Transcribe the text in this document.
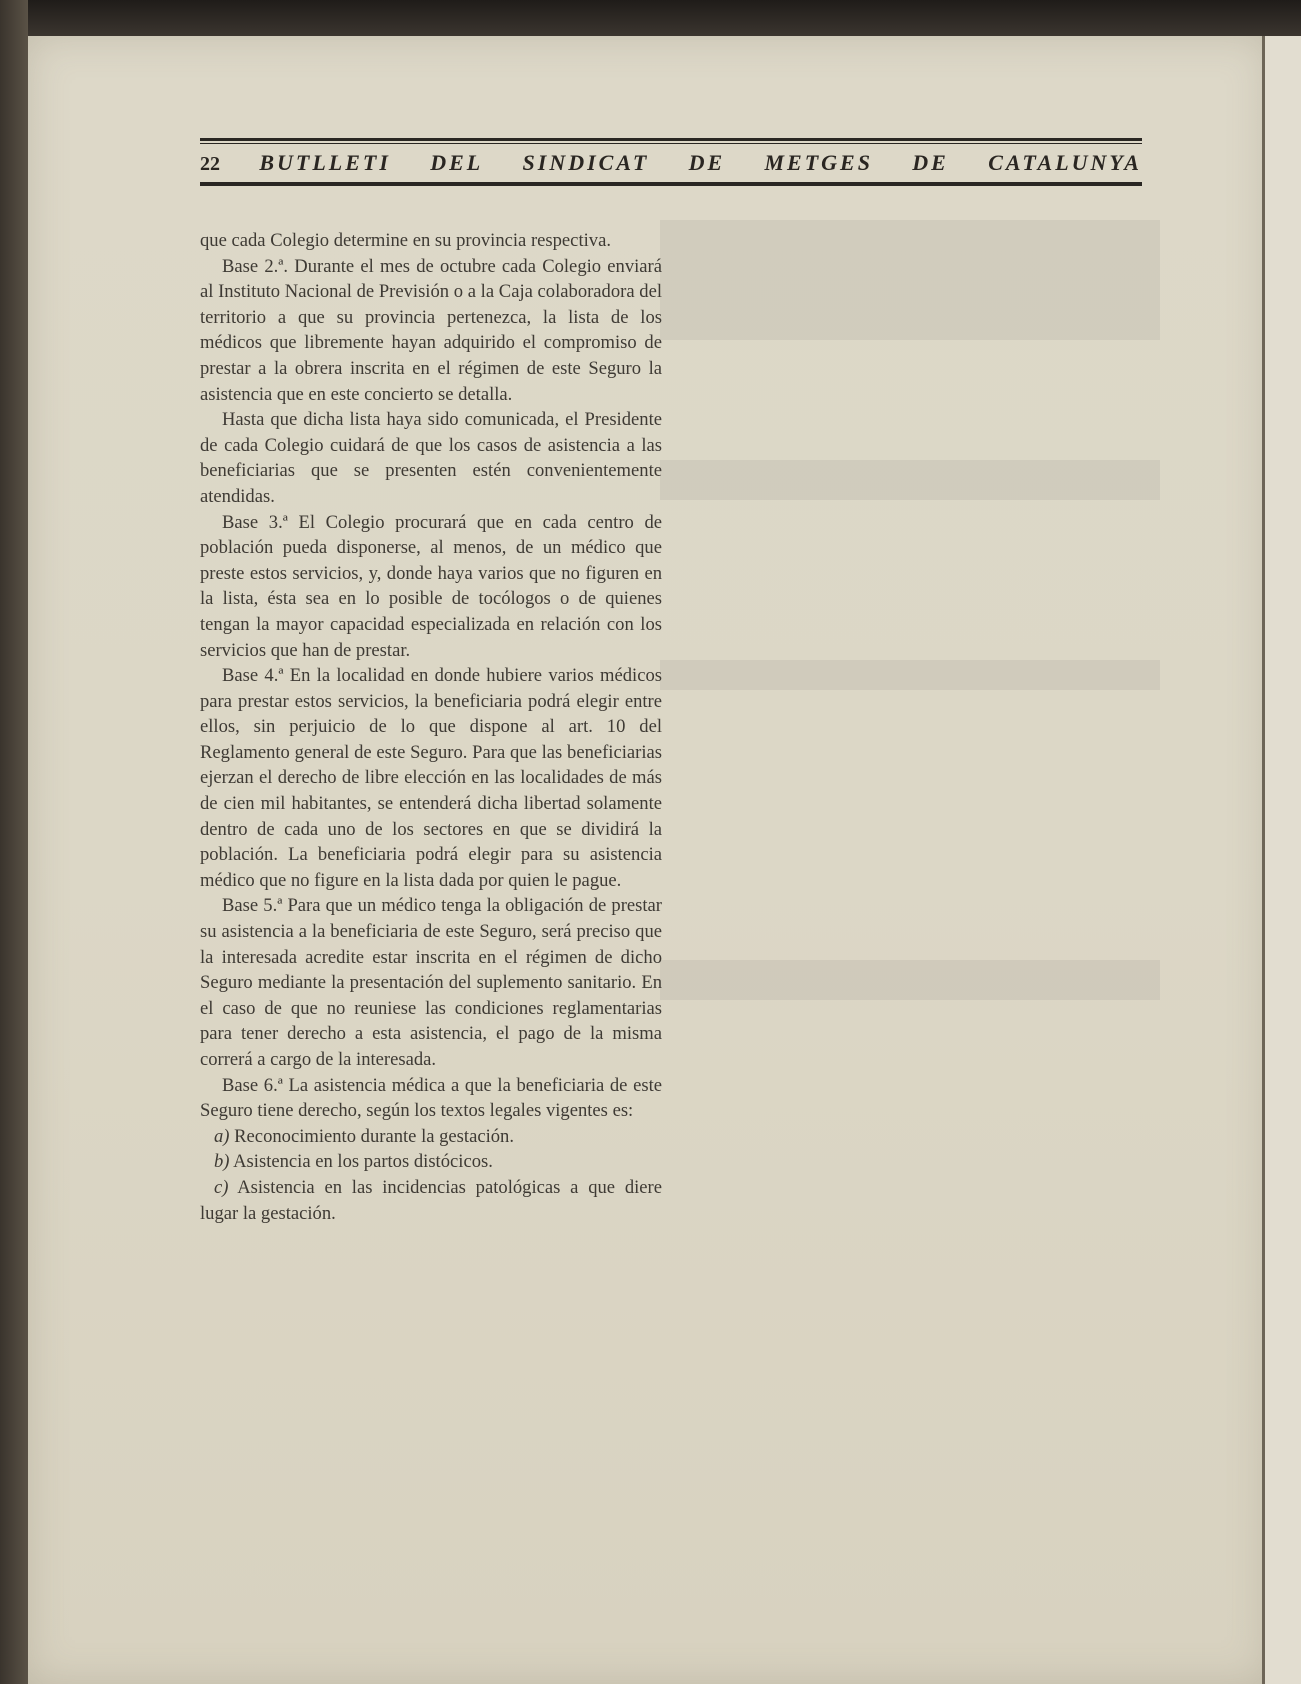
22 BUTLLETI DEL SINDICAT DE METGES DE CATALUNYA

que cada Colegio determine en su provincia respectiva.

Base 2.ª. Durante el mes de octubre cada Colegio enviará al Instituto Nacional de Previsión o a la Caja colaboradora del territorio a que su provincia pertenezca, la lista de los médicos que libremente hayan adquirido el compromiso de prestar a la obrera inscrita en el régimen de este Seguro la asistencia que en este concierto se detalla.

Hasta que dicha lista haya sido comunicada, el Presidente de cada Colegio cuidará de que los casos de asistencia a las beneficiarias que se presenten estén convenientemente atendidas.

Base 3.ª El Colegio procurará que en cada centro de población pueda disponerse, al menos, de un médico que preste estos servicios, y, donde haya varios que no figuren en la lista, ésta sea en lo posible de tocólogos o de quienes tengan la mayor capacidad especializada en relación con los servicios que han de prestar.

Base 4.ª En la localidad en donde hubiere varios médicos para prestar estos servicios, la beneficiaria podrá elegir entre ellos, sin perjuicio de lo que dispone al art. 10 del Reglamento general de este Seguro. Para que las beneficiarias ejerzan el derecho de libre elección en las localidades de más de cien mil habitantes, se entenderá dicha libertad solamente dentro de cada uno de los sectores en que se dividirá la población. La beneficiaria podrá elegir para su asistencia médico que no figure en la lista dada por quien le pague.

Base 5.ª Para que un médico tenga la obligación de prestar su asistencia a la beneficiaria de este Seguro, será preciso que la interesada acredite estar inscrita en el régimen de dicho Seguro mediante la presentación del suplemento sanitario. En el caso de que no reuniese las condiciones reglamentarias para tener derecho a esta asistencia, el pago de la misma correrá a cargo de la interesada.

Base 6.ª La asistencia médica a que la beneficiaria de este Seguro tiene derecho, según los textos legales vigentes es:

a) Reconocimiento durante la gestación.

b) Asistencia en los partos distócicos.

c) Asistencia en las incidencias patológicas a que diere lugar la gestación.
